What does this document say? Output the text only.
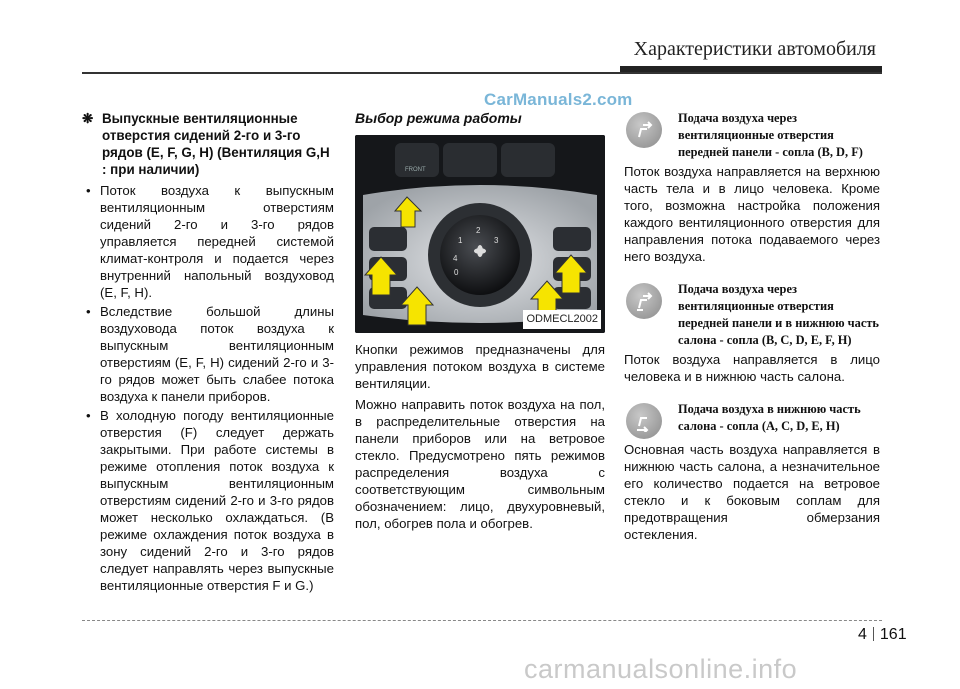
Характеристики автомобиля
CarManuals2.com
❋ Выпускные вентиляционные отверстия сидений 2-го и 3-го рядов (E, F, G, H) (Вентиляция G,H : при наличии)
• Поток воздуха к выпускным вентиляционным отверстиям сидений 2-го и 3-го рядов управляется передней системой климат-контроля и подается через внутренний напольный воздуховод (E, F, H).
• Вследствие большой длины воздуховода поток воздуха к выпускным вентиляционным отверстиям (E, F, H) сидений 2-го и 3-го рядов может быть слабее потока воздуха к панели приборов.
• В холодную погоду вентиляционные отверстия (F) следует держать закрытыми. При работе системы в режиме отопления поток воздуха к выпускным вентиляционным отверстиям сидений 2-го и 3-го рядов может несколько охлаждаться. (В режиме охлаждения поток воздуха в зону сидений 2-го и 3-го рядов следует направлять через выпускные вентиляционные отверстия F и G.)
Выбор режима работы
FRONT
1
2
3
4
0
ODMECL2002

Кнопки режимов предназначены для управления потоком воздуха в системе вентиляции.

Можно направить поток воздуха на пол, в распределительные отверстия на панели приборов или на ветровое стекло. Предусмотрено пять режимов распределения воздуха с соответствующим символьным обозначением: лицо, двухуровневый, пол, обогрев пола и обогрев.

Подача воздуха через вентиляционные отверстия передней панели - сопла (B, D, F)
Поток воздуха направляется на верхнюю часть тела и в лицо человека. Кроме того, возможна настройка положения каждого вентиляционного отверстия для направления потока подаваемого через него воздуха.
Подача воздуха через вентиляционные отверстия передней панели и в нижнюю часть салона - сопла (B, C, D, E, F, H)
Поток воздуха направляется в лицо человека и в нижнюю часть салона.
Подача воздуха в нижнюю часть салона - сопла (A, C, D, E, H)
Основная часть воздуха направляется в нижнюю часть салона, а незначительное его количество подается на ветровое стекло и к боковым соплам для предотвращения обмерзания остекления.
4 161
carmanualsonline.info
